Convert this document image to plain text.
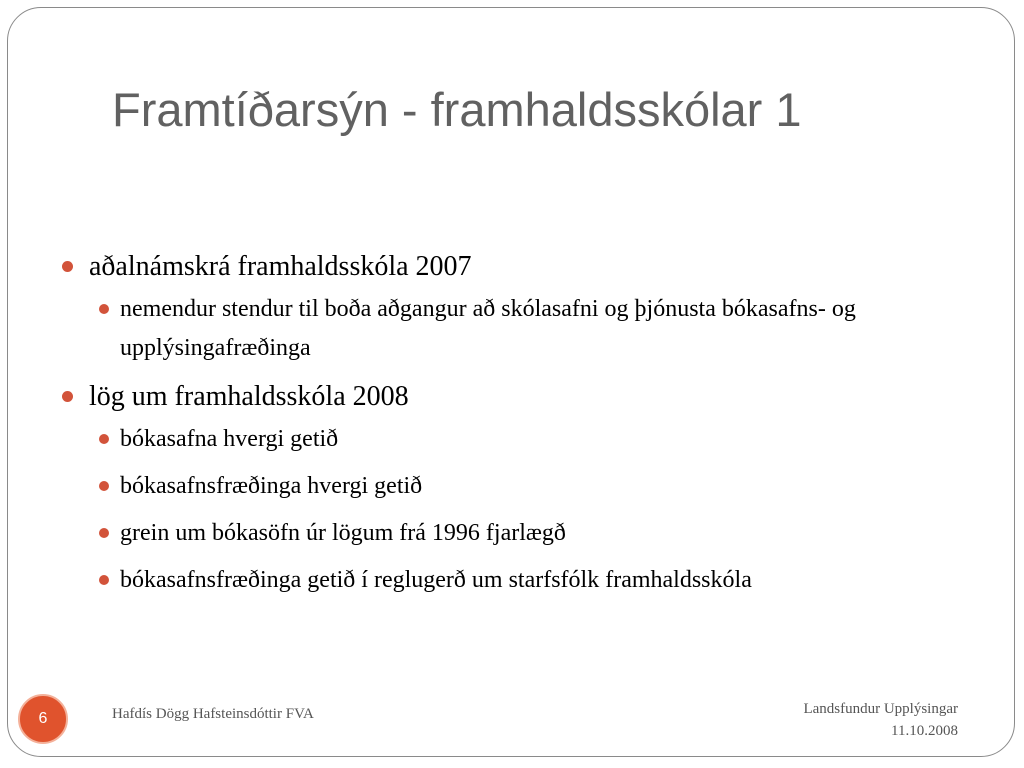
Framtíðarsýn - framhaldsskólar 1
aðalnámskrá framhaldsskóla 2007
nemendur stendur til boða aðgangur að skólasafni og þjónusta bókasafns- og upplýsingafræðinga
lög um framhaldsskóla 2008
bókasafna hvergi getið
bókasafnsfræðinga hvergi getið
grein um bókasöfn úr lögum frá 1996 fjarlægð
bókasafnsfræðinga getið í reglugerð um starfsfólk framhaldsskóla
6	Hafdís Dögg Hafsteinsdóttir FVA	Landsfundur Upplýsingar
11.10.2008
